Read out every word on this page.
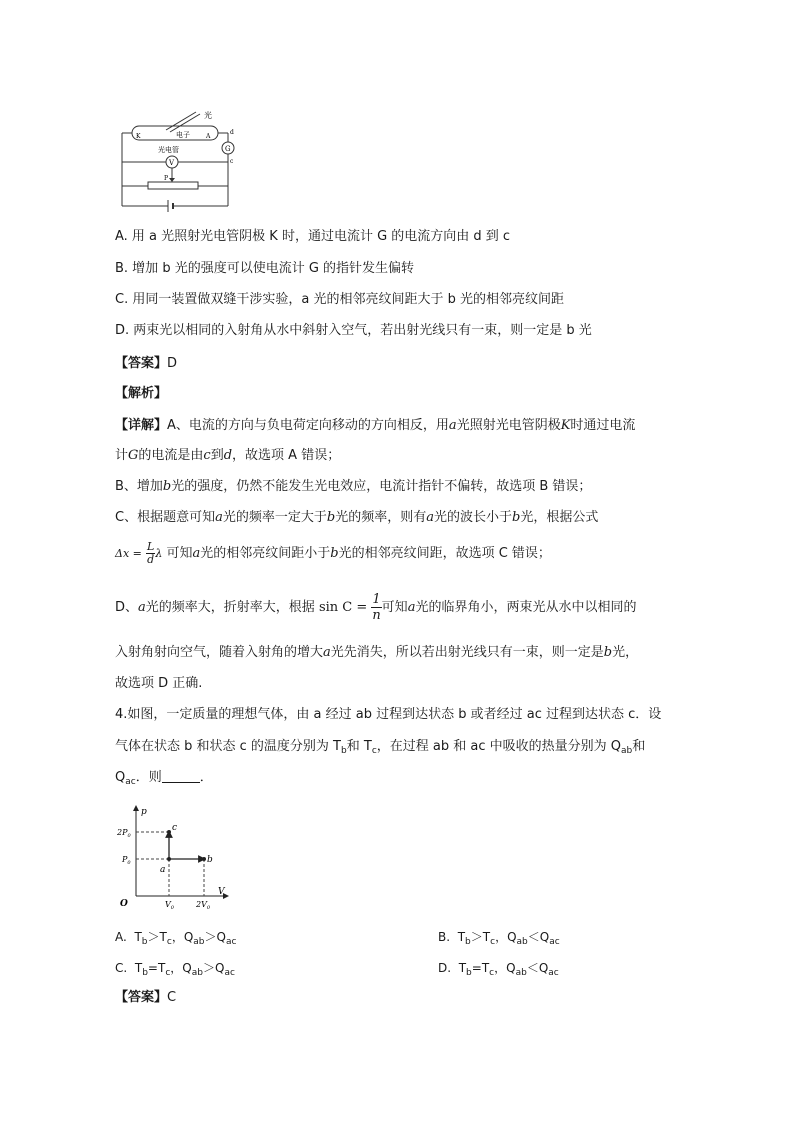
光
K	电子	A
光电管
d
G
c
V
P
A. 用 a 光照射光电管阴极 K 时，通过电流计 G 的电流方向由 d 到 c
B. 增加 b 光的强度可以使电流计 G 的指针发生偏转
C. 用同一装置做双缝干涉实验，a 光的相邻亮纹间距大于 b 光的相邻亮纹间距
D. 两束光以相同的入射角从水中斜射入空气，若出射光线只有一束，则一定是 b 光
【答案】D
【解析】
【详解】A、电流的方向与负电荷定向移动的方向相反，用a光照射光电管阴极K时通过电流
计G的电流是由c到d，故选项 A 错误；
B、增加b光的强度，仍然不能发生光电效应，电流计指针不偏转，故选项 B 错误；
C、根据题意可知a光的频率一定大于b光的频率，则有a光的波长小于b光，根据公式
$\Delta x = \frac{L}{d}$ λ 可知a光的相邻亮纹间距小于b光的相邻亮纹间距，故选项 C 错误；
D、a光的频率大，折射率大，根据 $\sin C = \frac{1}{n}$ 可知a光的临界角小，两束光从水中以相同的
入射角射向空气，随着入射角的增大a光先消失，所以若出射光线只有一束，则一定是b光，
故选项 D 正确.
4.如图，一定质量的理想气体，由 a 经过 ab 过程到达状态 b 或者经过 ac 过程到达状态 c．设
气体在状态 b 和状态 c 的温度分别为 $T_b$和 $T_c$，在过程 ab 和 ac 中吸收的热量分别为 $Q_{ab}$和
$Q_{ac}$．则	．
p
V
O
a
c
b
$2P_0$
$P_0$
$V_0$	$2V_0$
A. $T_b>T_c$，$Q_{ab}>Q_{ac}$	B. $T_b>T_c$，$Q_{ab}<Q_{ac}$
C. $T_b=T_c$，$Q_{ab}>Q_{ac}$	D. $T_b=T_c$，$Q_{ab}<Q_{ac}$
【答案】C
